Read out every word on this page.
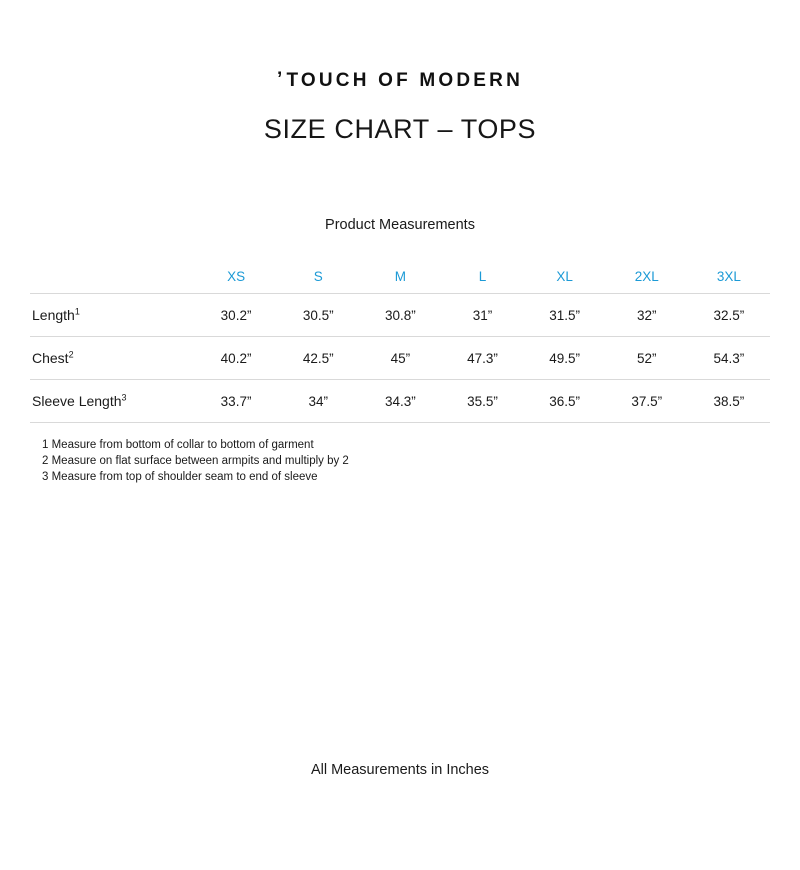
’TOUCH OF MODERN
SIZE CHART – TOPS
Product Measurements
	XS	S	M	L	XL	2XL	3XL
Length$^1$	30.2”	30.5”	30.8”	31”	31.5”	32”	32.5”
Chest$^2$	40.2”	42.5”	45”	47.3”	49.5”	52”	54.3”
Sleeve Length$^3$	33.7”	34”	34.3”	35.5”	36.5”	37.5”	38.5”
1 Measure from bottom of collar to bottom of garment
2 Measure on flat surface between armpits and multiply by 2
3 Measure from top of shoulder seam to end of sleeve
All Measurements in Inches
